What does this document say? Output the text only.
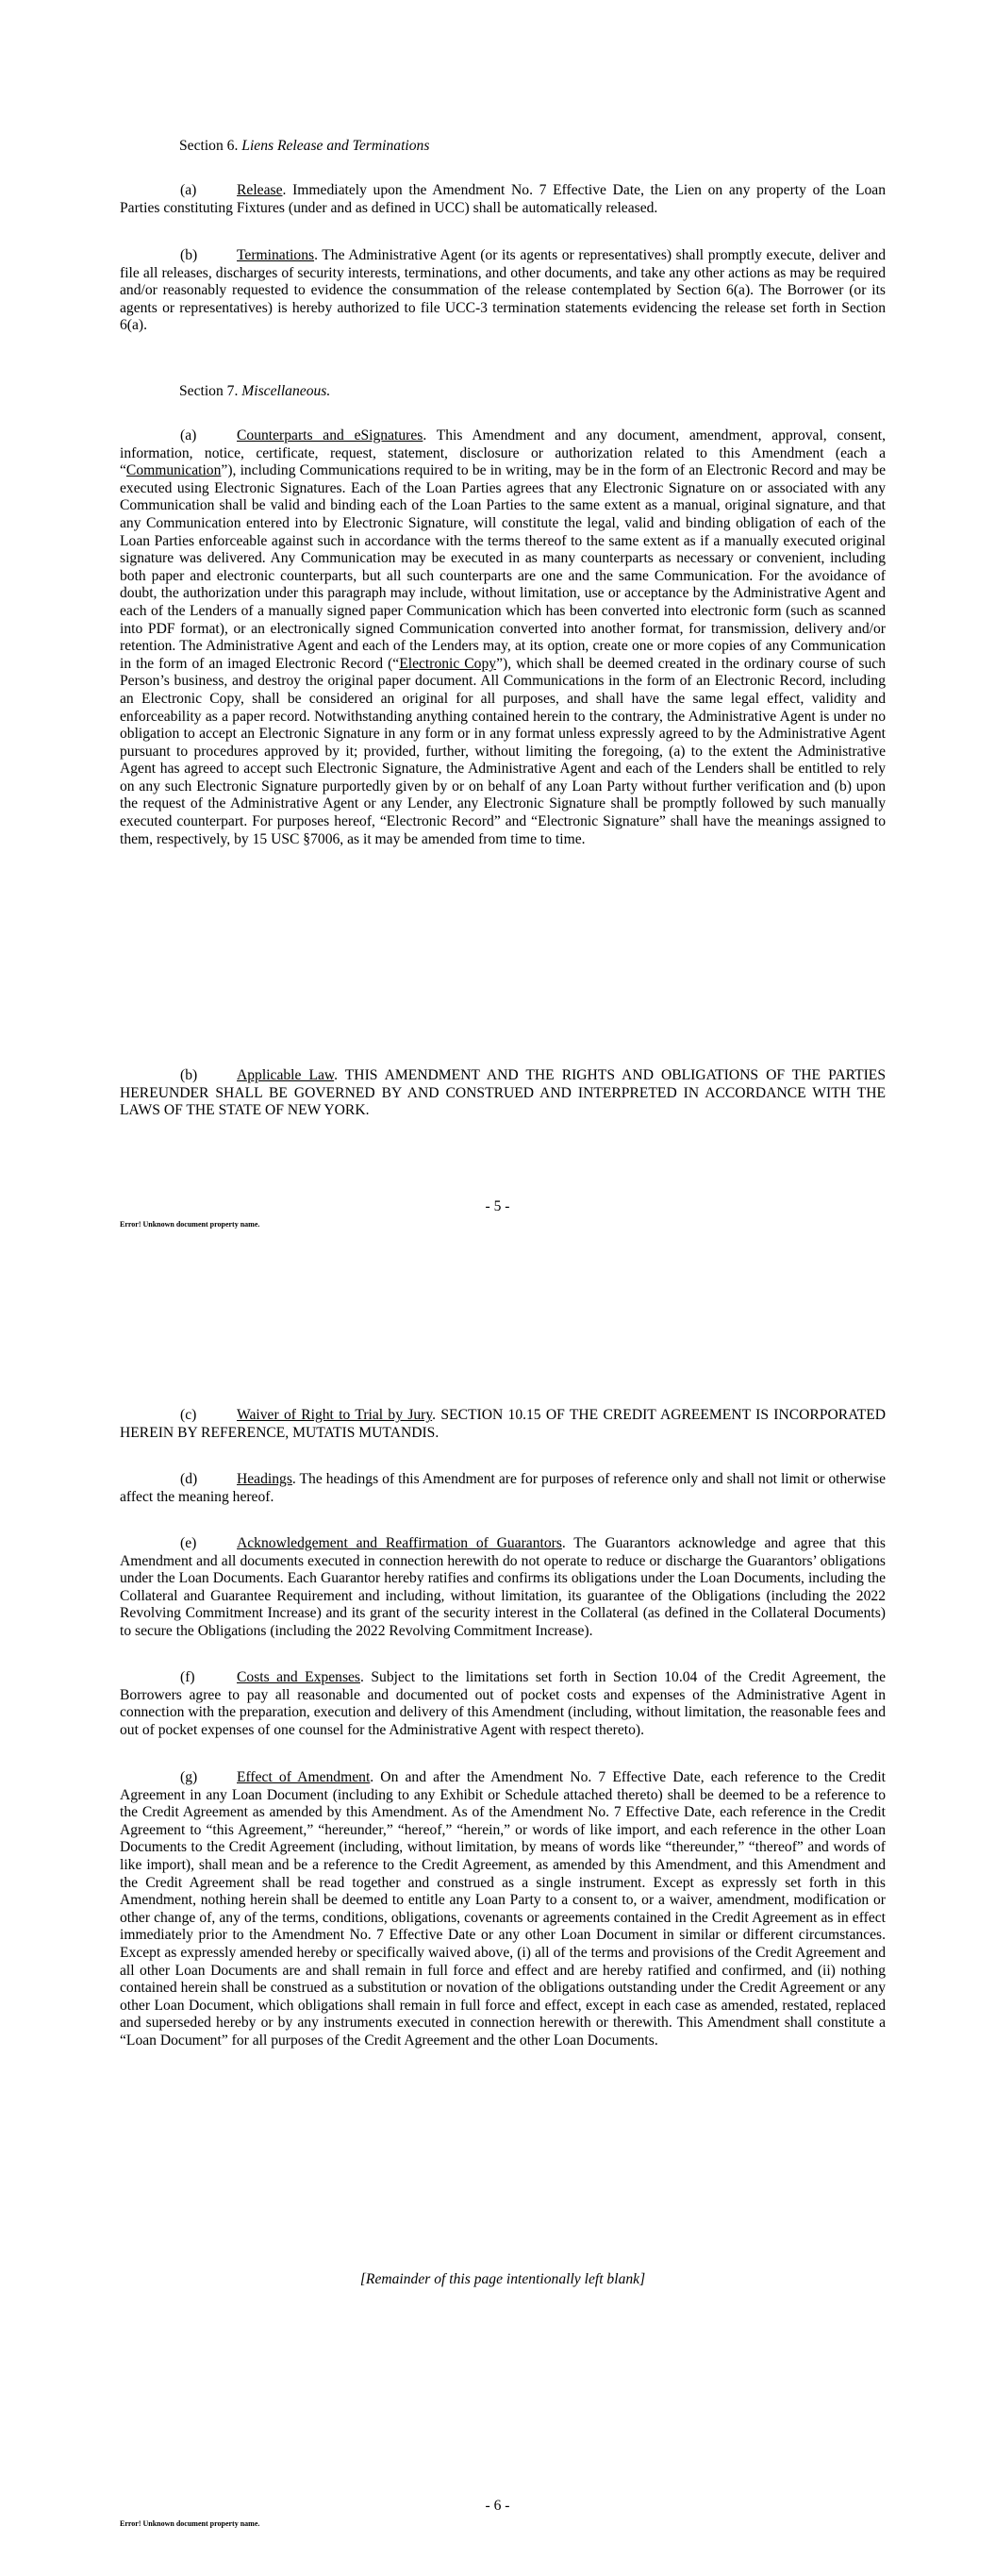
Section 6. Liens Release and Terminations

(a)	Release. Immediately upon the Amendment No. 7 Effective Date, the Lien on any property of the Loan Parties constituting Fixtures (under and as defined in UCC) shall be automatically released.

(b)	Terminations. The Administrative Agent (or its agents or representatives) shall promptly execute, deliver and file all releases, discharges of security interests, terminations, and other documents, and take any other actions as may be required and/or reasonably requested to evidence the consummation of the release contemplated by Section 6(a). The Borrower (or its agents or representatives) is hereby authorized to file UCC-3 termination statements evidencing the release set forth in Section 6(a).

Section 7. Miscellaneous.

(a)	Counterparts and eSignatures. This Amendment and any document, amendment, approval, consent, information, notice, certificate, request, statement, disclosure or authorization related to this Amendment (each a “Communication”), including Communications required to be in writing, may be in the form of an Electronic Record and may be executed using Electronic Signatures. Each of the Loan Parties agrees that any Electronic Signature on or associated with any Communication shall be valid and binding each of the Loan Parties to the same extent as a manual, original signature, and that any Communication entered into by Electronic Signature, will constitute the legal, valid and binding obligation of each of the Loan Parties enforceable against such in accordance with the terms thereof to the same extent as if a manually executed original signature was delivered. Any Communication may be executed in as many counterparts as necessary or convenient, including both paper and electronic counterparts, but all such counterparts are one and the same Communication. For the avoidance of doubt, the authorization under this paragraph may include, without limitation, use or acceptance by the Administrative Agent and each of the Lenders of a manually signed paper Communication which has been converted into electronic form (such as scanned into PDF format), or an electronically signed Communication converted into another format, for transmission, delivery and/or retention. The Administrative Agent and each of the Lenders may, at its option, create one or more copies of any Communication in the form of an imaged Electronic Record (“Electronic Copy”), which shall be deemed created in the ordinary course of such Person’s business, and destroy the original paper document. All Communications in the form of an Electronic Record, including an Electronic Copy, shall be considered an original for all purposes, and shall have the same legal effect, validity and enforceability as a paper record. Notwithstanding anything contained herein to the contrary, the Administrative Agent is under no obligation to accept an Electronic Signature in any form or in any format unless expressly agreed to by the Administrative Agent pursuant to procedures approved by it; provided, further, without limiting the foregoing, (a) to the extent the Administrative Agent has agreed to accept such Electronic Signature, the Administrative Agent and each of the Lenders shall be entitled to rely on any such Electronic Signature purportedly given by or on behalf of any Loan Party without further verification and (b) upon the request of the Administrative Agent or any Lender, any Electronic Signature shall be promptly followed by such manually executed counterpart. For purposes hereof, “Electronic Record” and “Electronic Signature” shall have the meanings assigned to them, respectively, by 15 USC §7006, as it may be amended from time to time.

(b)	Applicable Law. THIS AMENDMENT AND THE RIGHTS AND OBLIGATIONS OF THE PARTIES HEREUNDER SHALL BE GOVERNED BY AND CONSTRUED AND INTERPRETED IN ACCORDANCE WITH THE LAWS OF THE STATE OF NEW YORK.

- 5 -
Error! Unknown document property name.

(c)	Waiver of Right to Trial by Jury. SECTION 10.15 OF THE CREDIT AGREEMENT IS INCORPORATED HEREIN BY REFERENCE, MUTATIS MUTANDIS.

(d)	Headings. The headings of this Amendment are for purposes of reference only and shall not limit or otherwise affect the meaning hereof.

(e)	Acknowledgement and Reaffirmation of Guarantors. The Guarantors acknowledge and agree that this Amendment and all documents executed in connection herewith do not operate to reduce or discharge the Guarantors’ obligations under the Loan Documents. Each Guarantor hereby ratifies and confirms its obligations under the Loan Documents, including the Collateral and Guarantee Requirement and including, without limitation, its guarantee of the Obligations (including the 2022 Revolving Commitment Increase) and its grant of the security interest in the Collateral (as defined in the Collateral Documents) to secure the Obligations (including the 2022 Revolving Commitment Increase).

(f)	Costs and Expenses. Subject to the limitations set forth in Section 10.04 of the Credit Agreement, the Borrowers agree to pay all reasonable and documented out of pocket costs and expenses of the Administrative Agent in connection with the preparation, execution and delivery of this Amendment (including, without limitation, the reasonable fees and out of pocket expenses of one counsel for the Administrative Agent with respect thereto).

(g)	Effect of Amendment. On and after the Amendment No. 7 Effective Date, each reference to the Credit Agreement in any Loan Document (including to any Exhibit or Schedule attached thereto) shall be deemed to be a reference to the Credit Agreement as amended by this Amendment. As of the Amendment No. 7 Effective Date, each reference in the Credit Agreement to “this Agreement,” “hereunder,” “hereof,” “herein,” or words of like import, and each reference in the other Loan Documents to the Credit Agreement (including, without limitation, by means of words like “thereunder,” “thereof” and words of like import), shall mean and be a reference to the Credit Agreement, as amended by this Amendment, and this Amendment and the Credit Agreement shall be read together and construed as a single instrument. Except as expressly set forth in this Amendment, nothing herein shall be deemed to entitle any Loan Party to a consent to, or a waiver, amendment, modification or other change of, any of the terms, conditions, obligations, covenants or agreements contained in the Credit Agreement as in effect immediately prior to the Amendment No. 7 Effective Date or any other Loan Document in similar or different circumstances. Except as expressly amended hereby or specifically waived above, (i) all of the terms and provisions of the Credit Agreement and all other Loan Documents are and shall remain in full force and effect and are hereby ratified and confirmed, and (ii) nothing contained herein shall be construed as a substitution or novation of the obligations outstanding under the Credit Agreement or any other Loan Document, which obligations shall remain in full force and effect, except in each case as amended, restated, replaced and superseded hereby or by any instruments executed in connection herewith or therewith. This Amendment shall constitute a “Loan Document” for all purposes of the Credit Agreement and the other Loan Documents.

[Remainder of this page intentionally left blank]

- 6 -
Error! Unknown document property name.
